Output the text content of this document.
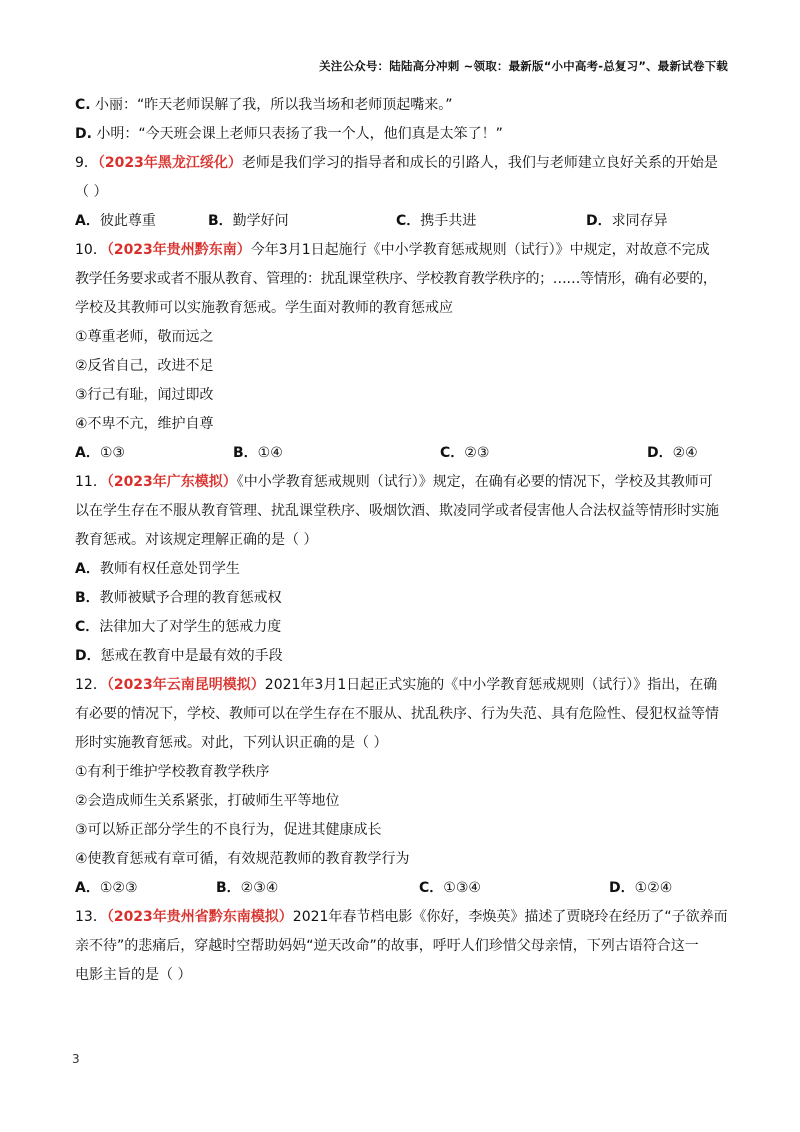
关注公众号：陆陆高分冲刺 ~领取：最新版“小中高考-总复习”、最新试卷下载
C. 小丽：“昨天老师误解了我，所以我当场和老师顶起嘴来。”
D. 小明：“今天班会课上老师只表扬了我一个人，他们真是太笨了！”
9．（2023年黑龙江绥化）老师是我们学习的指导者和成长的引路人，我们与老师建立良好关系的开始是
（ ）
A．彼此尊重	B．勤学好问	C．携手共进	D．求同存异
10．（2023年贵州黔东南）今年3月1日起施行《中小学教育惩戒规则（试行）》中规定，对故意不完成
教学任务要求或者不服从教育、管理的：扰乱课堂秩序、学校教育教学秩序的；……等情形，确有必要的，
学校及其教师可以实施教育惩戒。学生面对教师的教育惩戒应
①尊重老师，敬而远之
②反省自己，改进不足
③行己有耻，闻过即改
④不卑不亢，维护自尊
A．①③	B．①④	C．②③	D．②④
11．（2023年广东模拟）《中小学教育惩戒规则（试行）》规定，在确有必要的情况下，学校及其教师可
以在学生存在不服从教育管理、扰乱课堂秩序、吸烟饮酒、欺凌同学或者侵害他人合法权益等情形时实施
教育惩戒。对该规定理解正确的是（ ）
A．教师有权任意处罚学生
B．教师被赋予合理的教育惩戒权
C．法律加大了对学生的惩戒力度
D．惩戒在教育中是最有效的手段
12．（2023年云南昆明模拟）2021年3月1日起正式实施的《中小学教育惩戒规则（试行）》指出，在确
有必要的情况下，学校、教师可以在学生存在不服从、扰乱秩序、行为失范、具有危险性、侵犯权益等情
形时实施教育惩戒。对此，下列认识正确的是（ ）
①有利于维护学校教育教学秩序
②会造成师生关系紧张，打破师生平等地位
③可以矫正部分学生的不良行为，促进其健康成长
④使教育惩戒有章可循，有效规范教师的教育教学行为
A．①②③	B．②③④	C．①③④	D．①②④
13．（2023年贵州省黔东南模拟）2021年春节档电影《你好，李焕英》描述了贾晓玲在经历了“子欲养而
亲不待”的悲痛后，穿越时空帮助妈妈“逆天改命”的故事，呼吁人们珍惜父母亲情，下列古语符合这一
电影主旨的是（ ）
3
